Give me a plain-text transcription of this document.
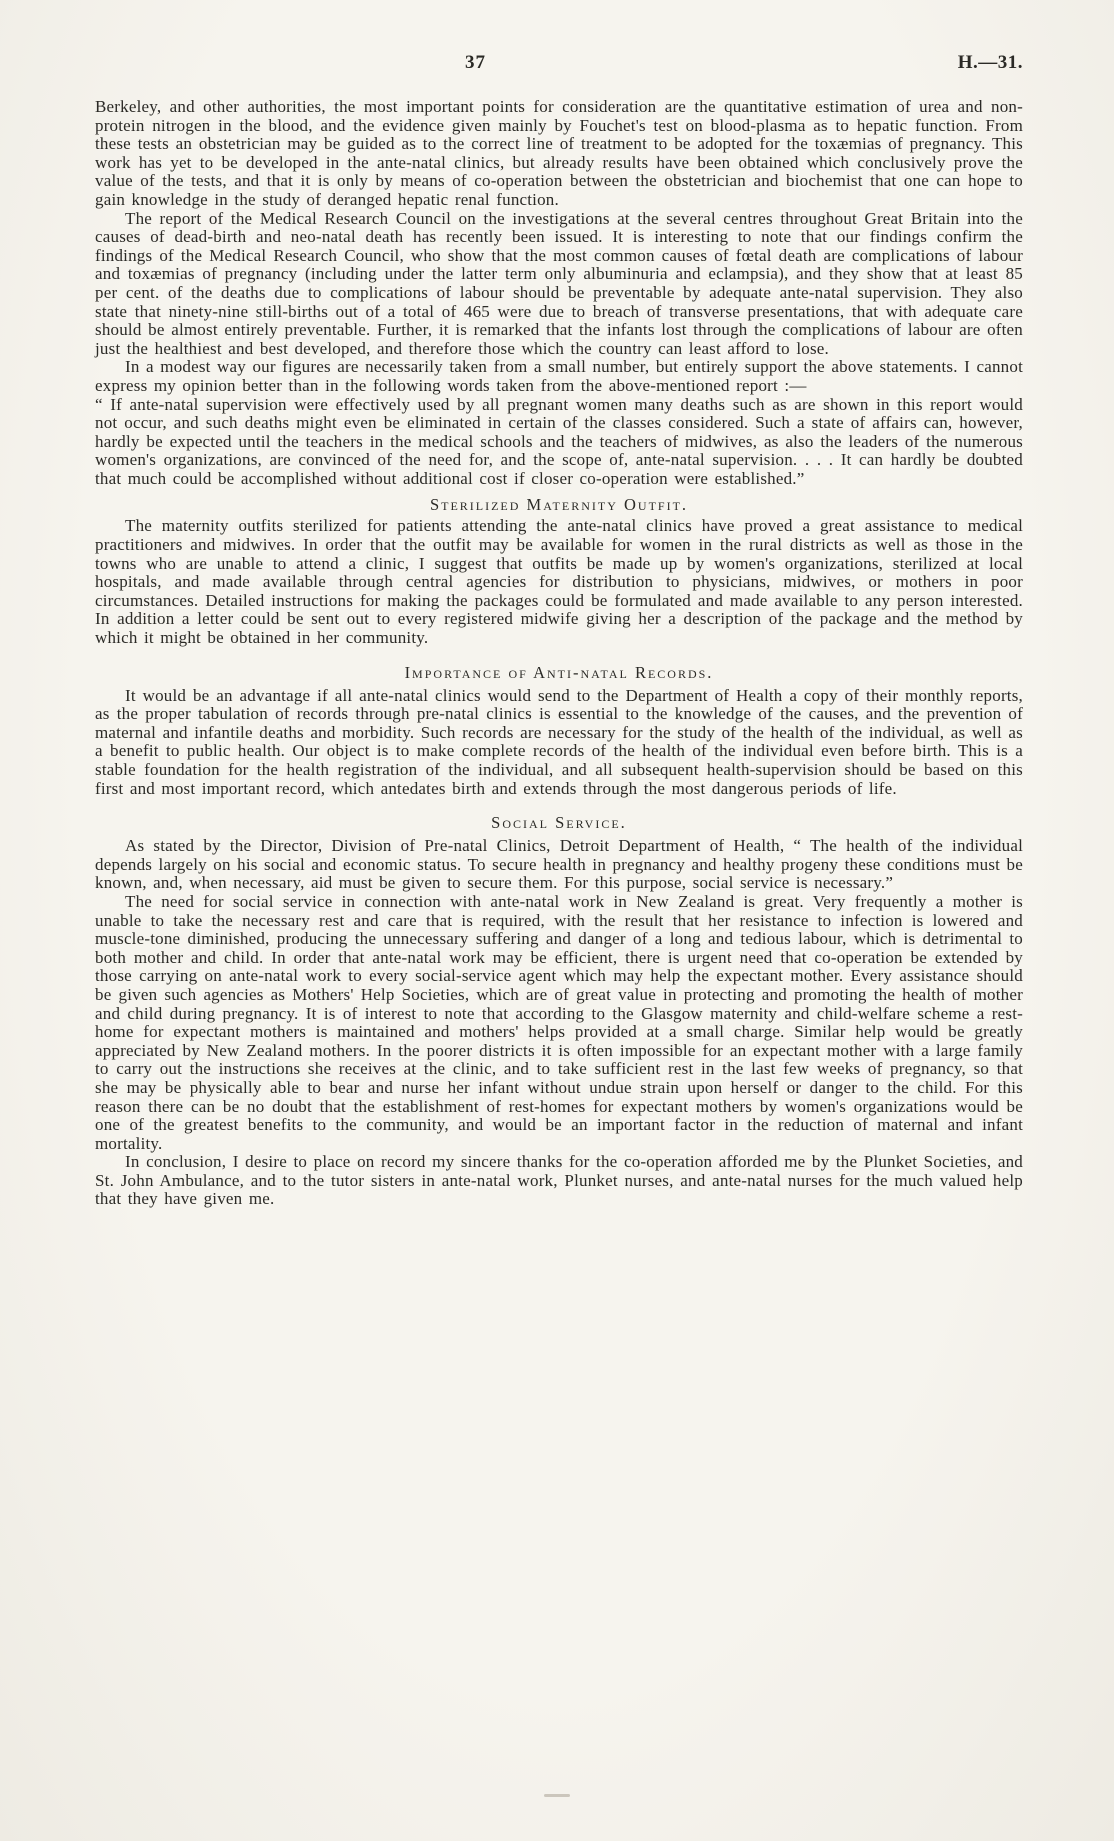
37	H.—31.

Berkeley, and other authorities, the most important points for consideration are the quantitative estimation of urea and non-protein nitrogen in the blood, and the evidence given mainly by Fouchet's test on blood-plasma as to hepatic function. From these tests an obstetrician may be guided as to the correct line of treatment to be adopted for the toxæmias of pregnancy. This work has yet to be developed in the ante-natal clinics, but already results have been obtained which conclusively prove the value of the tests, and that it is only by means of co-operation between the obstetrician and biochemist that one can hope to gain knowledge in the study of deranged hepatic renal function.

The report of the Medical Research Council on the investigations at the several centres throughout Great Britain into the causes of dead-birth and neo-natal death has recently been issued. It is interesting to note that our findings confirm the findings of the Medical Research Council, who show that the most common causes of fœtal death are complications of labour and toxæmias of pregnancy (including under the latter term only albuminuria and eclampsia), and they show that at least 85 per cent. of the deaths due to complications of labour should be preventable by adequate ante-natal supervision. They also state that ninety-nine still-births out of a total of 465 were due to breach of transverse presentations, that with adequate care should be almost entirely preventable. Further, it is remarked that the infants lost through the complications of labour are often just the healthiest and best developed, and therefore those which the country can least afford to lose.

In a modest way our figures are necessarily taken from a small number, but entirely support the above statements. I cannot express my opinion better than in the following words taken from the above-mentioned report :—

“ If ante-natal supervision were effectively used by all pregnant women many deaths such as are shown in this report would not occur, and such deaths might even be eliminated in certain of the classes considered. Such a state of affairs can, however, hardly be expected until the teachers in the medical schools and the teachers of midwives, as also the leaders of the numerous women's organizations, are convinced of the need for, and the scope of, ante-natal supervision. . . . It can hardly be doubted that much could be accomplished without additional cost if closer co-operation were established.”

Sterilized Maternity Outfit.

The maternity outfits sterilized for patients attending the ante-natal clinics have proved a great assistance to medical practitioners and midwives. In order that the outfit may be available for women in the rural districts as well as those in the towns who are unable to attend a clinic, I suggest that outfits be made up by women's organizations, sterilized at local hospitals, and made available through central agencies for distribution to physicians, midwives, or mothers in poor circumstances. Detailed instructions for making the packages could be formulated and made available to any person interested. In addition a letter could be sent out to every registered midwife giving her a description of the package and the method by which it might be obtained in her community.

Importance of Anti-natal Records.

It would be an advantage if all ante-natal clinics would send to the Department of Health a copy of their monthly reports, as the proper tabulation of records through pre-natal clinics is essential to the knowledge of the causes, and the prevention of maternal and infantile deaths and morbidity. Such records are necessary for the study of the health of the individual, as well as a benefit to public health. Our object is to make complete records of the health of the individual even before birth. This is a stable foundation for the health registration of the individual, and all subsequent health-supervision should be based on this first and most important record, which antedates birth and extends through the most dangerous periods of life.

Social Service.

As stated by the Director, Division of Pre-natal Clinics, Detroit Department of Health, “ The health of the individual depends largely on his social and economic status. To secure health in pregnancy and healthy progeny these conditions must be known, and, when necessary, aid must be given to secure them. For this purpose, social service is necessary.”

The need for social service in connection with ante-natal work in New Zealand is great. Very frequently a mother is unable to take the necessary rest and care that is required, with the result that her resistance to infection is lowered and muscle-tone diminished, producing the unnecessary suffering and danger of a long and tedious labour, which is detrimental to both mother and child. In order that ante-natal work may be efficient, there is urgent need that co-operation be extended by those carrying on ante-natal work to every social-service agent which may help the expectant mother. Every assistance should be given such agencies as Mothers' Help Societies, which are of great value in protecting and promoting the health of mother and child during pregnancy. It is of interest to note that according to the Glasgow maternity and child-welfare scheme a rest-home for expectant mothers is maintained and mothers' helps provided at a small charge. Similar help would be greatly appreciated by New Zealand mothers. In the poorer districts it is often impossible for an expectant mother with a large family to carry out the instructions she receives at the clinic, and to take sufficient rest in the last few weeks of pregnancy, so that she may be physically able to bear and nurse her infant without undue strain upon herself or danger to the child. For this reason there can be no doubt that the establishment of rest-homes for expectant mothers by women's organizations would be one of the greatest benefits to the community, and would be an important factor in the reduction of maternal and infant mortality.

In conclusion, I desire to place on record my sincere thanks for the co-operation afforded me by the Plunket Societies, and St. John Ambulance, and to the tutor sisters in ante-natal work, Plunket nurses, and ante-natal nurses for the much valued help that they have given me.
